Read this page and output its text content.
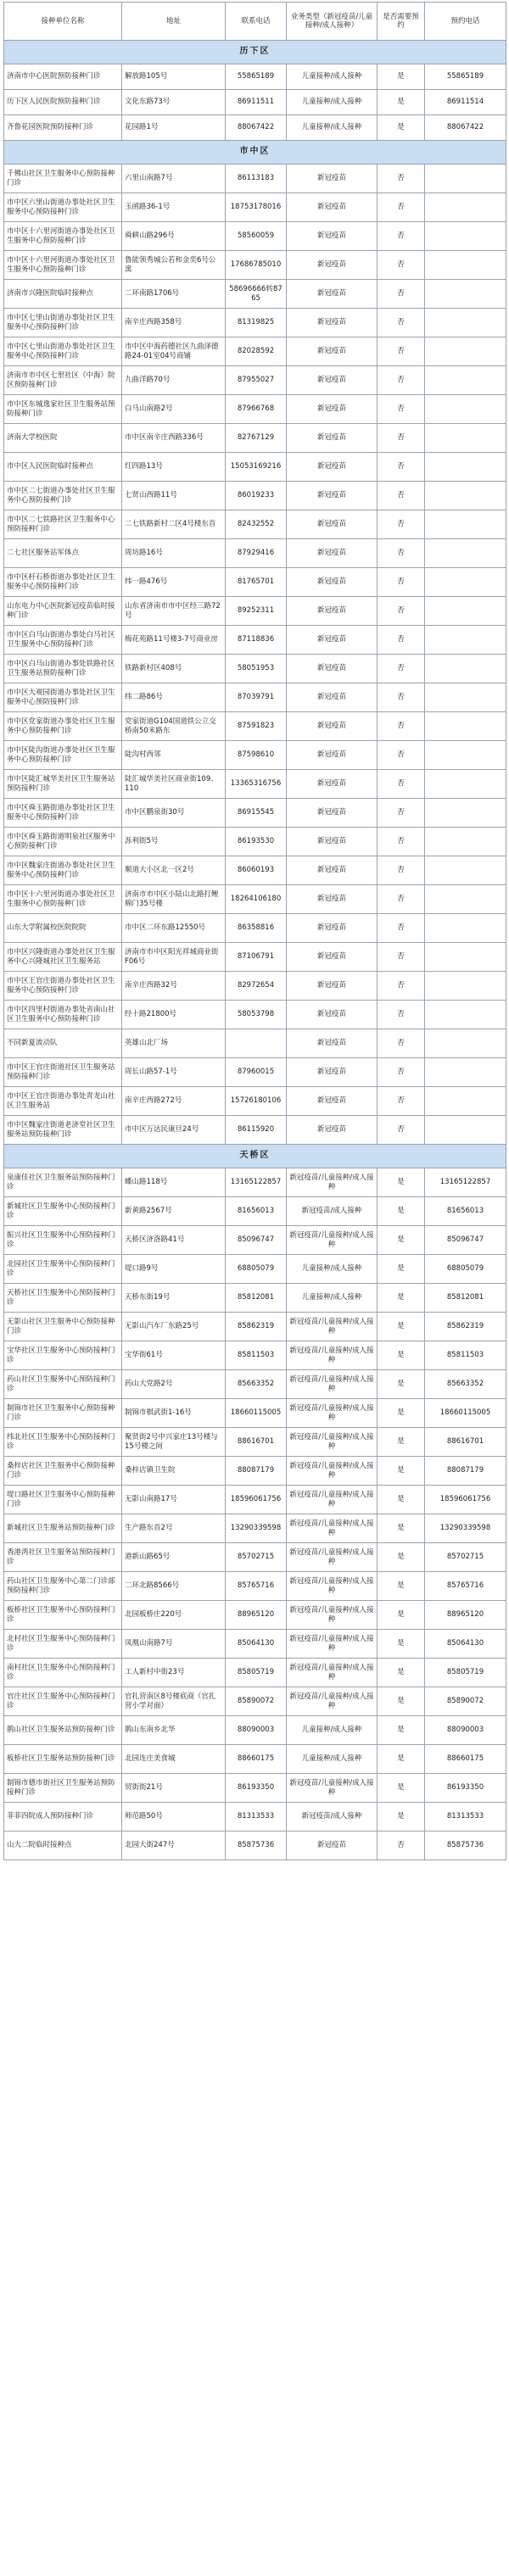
接种单位名称	地址	联系电话	业务类型（新冠疫苗/儿童接种/成人接种）	是否需要预约	预约电话
历下区					
济南市中心医院预防接种门诊	解放路105号	55865189	儿童接种/成人接种	是	55865189
历下区人民医院预防接种门诊	文化东路73号	86911511	儿童接种/成人接种	是	86911514
齐鲁花园医院预防接种门诊	花园路1号	88067422	儿童接种/成人接种	是	88067422
市中区					
千佛山社区卫生服务中心预防接种门诊	六里山南路7号	86113183	新冠疫苗	否	
市中区六里山街道办事处社区卫生服务中心预防接种门诊	玉函路36-1号	18753178016	新冠疫苗	否	
市中区十六里河街道办事处社区卫生服务中心预防接种门诊	舜耕山路296号	58560059	新冠疫苗	否	
市中区十六里河街道办事处社区卫生服务中心预防接种门诊	鲁能领秀城公若和金奕6号公寓	17686785010	新冠疫苗	否	
济南市兴隆医院临时接种点	二环南路1706号	58696666转8765	新冠疫苗	否	
市中区七里山街道办事处社区卫生服务中心预防接种门诊	南辛庄西路358号	81319825	新冠疫苗	否	
市中区七里山街道办事处社区卫生服务中心预防接种门诊	市中区中海药德社区九曲泽德路24-01室04号商铺	82028592	新冠疫苗	否	
济南市市中区七里社区（中海）院区预防接种门诊	九曲洋路70号	87955027	新冠疫苗	否	
市中区东城逸家社区卫生服务站预防接种门诊	白马山南路2号	87966768	新冠疫苗	否	
济南大学校医院	市中区南辛庄西路336号	82767129	新冠疫苗	否	
市中区人民医院临时接种点	红四路13号	15053169216	新冠疫苗	否	
市中区二七街道办事处社区卫生服务中心预防接种门诊	七贤山西路11号	86019233	新冠疫苗	否	
市中区二七铁路社区卫生服务中心预防接种门诊	二七铁路新村二区4号楼东首	82432552	新冠疫苗	否	
二七社区服务站军体点	周坊路16号	87929416	新冠疫苗	否	
市中区杆石桥街道办事处社区卫生服务中心预防接种门诊	纬一路476号	81765701	新冠疫苗	否	
山东电力中心医院新冠疫苗临时接种门诊	山东省济南市市中区经三路72号	89252311	新冠疫苗	否	
市中区白马山街道办事处白马社区卫生服务中心预防接种门诊	梅花苑路11号楼3-7号商业房	87118836	新冠疫苗	否	
市中区白马山街道办事处铁路社区卫生服务站预防接种门诊	铁路新村区408号	58051953	新冠疫苗	否	
市中区大观园街道办事处社区卫生服务中心预防接种门诊	纬二路86号	87039791	新冠疫苗	否	
市中区党家街道办事处社区卫生服务中心预防接种门诊	党家街道G104国道铁公立交桥南50米路东	87591823	新冠疫苗	否	
市中区陡沟街道办事处社区卫生服务中心预防接种门诊	陡沟村西邻	87598610	新冠疫苗	否	
市中区陡汇城华美社区卫生服务站预防接种门诊	陡汇城华美社区商业街109、110	13365316756	新冠疫苗	否	
市中区舜玉路街道办事处社区卫生服务中心预防接种门诊	市中区鹏泉街30号	86915545	新冠疫苗	否	
市中区舜玉路街道明泉社区服务中心预防接种门诊	泺利街5号	86193530	新冠疫苗	否	
市中区魏家庄街道办事处社区卫生服务中心预防接种门诊	顺道大小区北一区2号	86060193	新冠疫苗	否	
市中区十六里河街道办事处社区卫生服务中心预防接种门诊	济南市市中区小陆山北路打鲤棉门35号楼	18264106180	新冠疫苗	否	
山东大学附属校医院院院	市中区二环东路12550号	86358816	新冠疫苗	否	
市中区兴隆街道办事处社区卫生服务中心兴隆城社区卫生服务站	济南市市中区阳光祥城商业街F06号	87106791	新冠疫苗	否	
市中区王官庄街道办事处社区卫生服务中心预防接种门诊	南辛庄西路32号	82972654	新冠疫苗	否	
市中区四里村街道办事处省南山社区卫生服务中心预防接种门诊	经十路21800号	58053798	新冠疫苗	否	
不同新夏流动队	英雄山北厂场		新冠疫苗	否	
市中区王官庄街道社区卫生服务站预防接种门诊	周长山路57-1号	87960015	新冠疫苗	否	
市中区王官庄街道办事处青龙山社区卫生服务站	南辛庄西路272号	15726180106	新冠疫苗	否	
市中区魏家庄街道老济堂社区卫生服务站预防接种门诊	市中区万达民康旦24号	86115920	新冠疫苗	否	
天桥区					
泉康佳社区卫生服务站预防接种门诊	蝶山路118号	13165122857	新冠疫苗/儿童接种/成人接种	是	13165122857
新城社区卫生服务中心预防接种门诊	新黄路2567号	81656013	新冠疫苗/成人接种	是	81656013
振兴社区卫生服务中心预防接种门诊	天桥区济洛路41号	85096747	新冠疫苗/儿童接种/成人接种	是	85096747
北园社区卫生服务中心预防接种门诊	堤口路9号	68805079	儿童接种/成人接种	是	68805079
天桥社区卫生服务中心预防接种门诊	天桥东街19号	85812081	儿童接种/成人接种	是	85812081
无影山社区卫生服务中心预防接种门诊	无影山汽车厂东路25号	85862319	新冠疫苗/儿童接种/成人接种	是	85862319
宝华社区卫生服务中心预防接种门诊	宝华街61号	85811503	新冠疫苗/儿童接种/成人接种	是	85811503
药山社区卫生服务中心预防接种门诊	药山大党路2号	85663352	新冠疫苗/儿童接种/成人接种	是	85663352
制锦市社区卫生服务中心预防接种门诊	制锦市棋武街1-16号	18660115005	新冠疫苗/儿童接种/成人接种	是	18660115005
纬北社区卫生服务中心预防接种门诊	聚贤街2号中兴家庄13号楼与15号楼之间	88616701	新冠疫苗/儿童接种/成人接种	是	88616701
桑梓店社区卫生服务中心预防接种门诊	桑梓店镇卫生院	88087179	新冠疫苗/儿童接种/成人接种	是	88087179
堤口路社区卫生服务中心预防接种门诊	无影山南路17号	18596061756	新冠疫苗/儿童接种/成人接种	是	18596061756
新城社区卫生服务站预防接种门诊	生产路东首2号	13290339598	新冠疫苗/儿童接种/成人接种	是	13290339598
香港湾社区卫生服务站预防接种门诊	港新山路65号	85702715	新冠疫苗/儿童接种/成人接种	是	85702715
药山社区卫生服务中心第二门诊部预防接种门诊	二环北路8566号	85765716	新冠疫苗/儿童接种/成人接种	是	85765716
板桥社区卫生服务中心预防接种门诊	北园板桥庄220号	88965120	新冠疫苗/儿童接种/成人接种	是	88965120
北村社区卫生服务中心预防接种门诊	凤凰山南路7号	85064130	新冠疫苗/儿童接种/成人接种	是	85064130
南村社区卫生服务中心预防接种门诊	工人新村中街23号	85805719	新冠疫苗/儿童接种/成人接种	是	85805719
官庄社区卫生服务中心预防接种门诊	官扎营南区8号楼底商（官扎营小学对面）	85890072	新冠疫苗/儿童接种/成人接种	是	85890072
鹊山社区卫生服务站预防接种门诊	鹊山东南乡北华	88090003	儿童接种/成人接种	是	88090003
板桥社区卫生服务站预防接种门诊	北园连庄美食城	88660175	儿童接种/成人接种	是	88660175
制锦市德市街社区卫生服务站预防接种门诊	贸街街21号	86193350	新冠疫苗/儿童接种/成人接种	是	86193350
菲菲四院成人预防接种门诊	师范路50号	81313533	新冠疫苗/成人接种	是	81313533
山大二院临时接种点	北园大街247号	85875736	新冠疫苗	否	85875736
